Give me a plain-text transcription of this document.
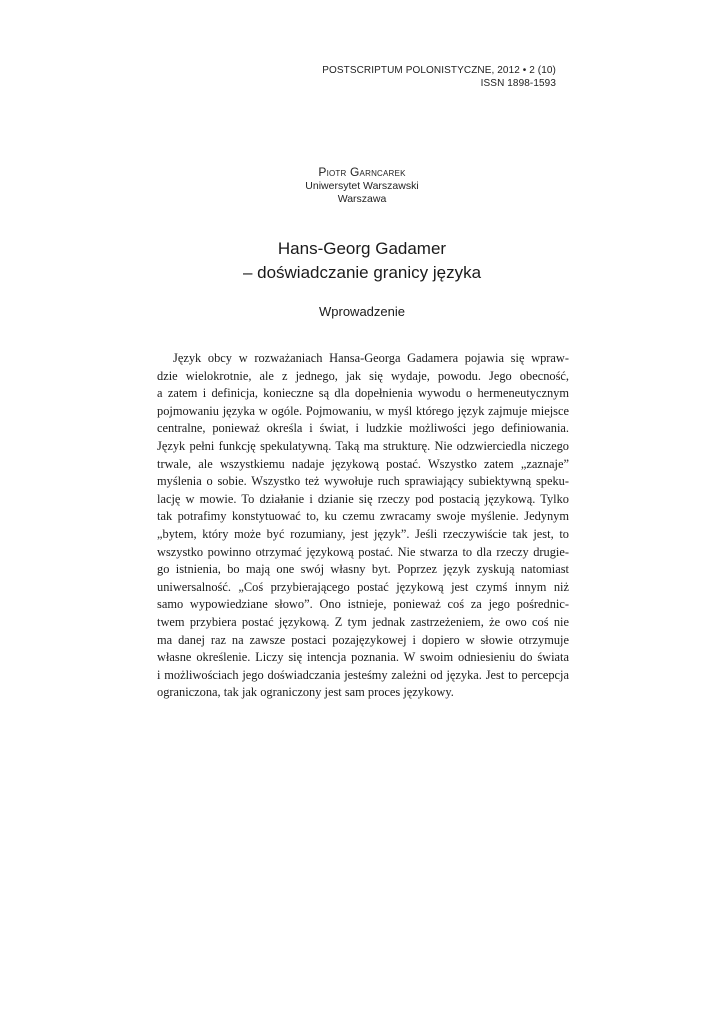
POSTSCRIPTUM POLONISTYCZNE, 2012 • 2 (10)
ISSN 1898-1593
Piotr Garncarek
Uniwersytet Warszawski
Warszawa
Hans-Georg Gadamer
– doświadczanie granicy języka
Wprowadzenie
Język obcy w rozważaniach Hansa-Georga Gadamera pojawia się wpraw-
dzie wielokrotnie, ale z jednego, jak się wydaje, powodu. Jego obecność,
a zatem i definicja, konieczne są dla dopełnienia wywodu o hermeneutycznym
pojmowaniu języka w ogóle. Pojmowaniu, w myśl którego język zajmuje miejsce
centralne, ponieważ określa i świat, i ludzkie możliwości jego definiowania.
Język pełni funkcję spekulatywną. Taką ma strukturę. Nie odzwierciedla niczego
trwale, ale wszystkiemu nadaje językową postać. Wszystko zatem „zaznaje”
myślenia o sobie. Wszystko też wywołuje ruch sprawiający subiektywną speku-
lację w mowie. To działanie i dzianie się rzeczy pod postacią językową. Tylko
tak potrafimy konstytuować to, ku czemu zwracamy swoje myślenie. Jedynym
„bytem, który może być rozumiany, jest język”. Jeśli rzeczywiście tak jest, to
wszystko powinno otrzymać językową postać. Nie stwarza to dla rzeczy drugie-
go istnienia, bo mają one swój własny byt. Poprzez język zyskują natomiast
uniwersalność. „Coś przybierającego postać językową jest czymś innym niż
samo wypowiedziane słowo”. Ono istnieje, ponieważ coś za jego pośrednic-
twem przybiera postać językową. Z tym jednak zastrzeżeniem, że owo coś nie
ma danej raz na zawsze postaci pozajęzykowej i dopiero w słowie otrzymuje
własne określenie. Liczy się intencja poznania. W swoim odniesieniu do świata
i możliwościach jego doświadczania jesteśmy zależni od języka. Jest to percepcja
ograniczona, tak jak ograniczony jest sam proces językowy.
